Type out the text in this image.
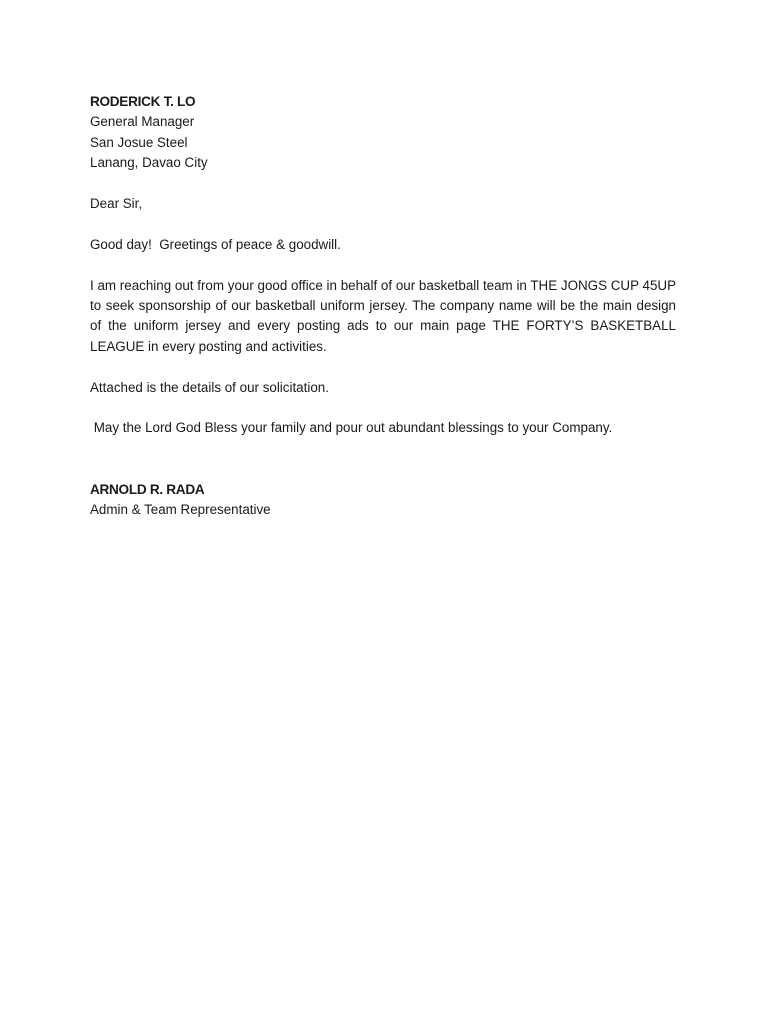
RODERICK T. LO
General Manager
San Josue Steel
Lanang, Davao City
Dear Sir,
Good day!  Greetings of peace & goodwill.
I am reaching out from your good office in behalf of our basketball team in THE JONGS CUP 45UP to seek sponsorship of our basketball uniform jersey. The company name will be the main design of the uniform jersey and every posting ads to our main page THE FORTY’S BASKETBALL LEAGUE in every posting and activities.
Attached is the details of our solicitation.
May the Lord God Bless your family and pour out abundant blessings to your Company.
ARNOLD R. RADA
Admin & Team Representative
